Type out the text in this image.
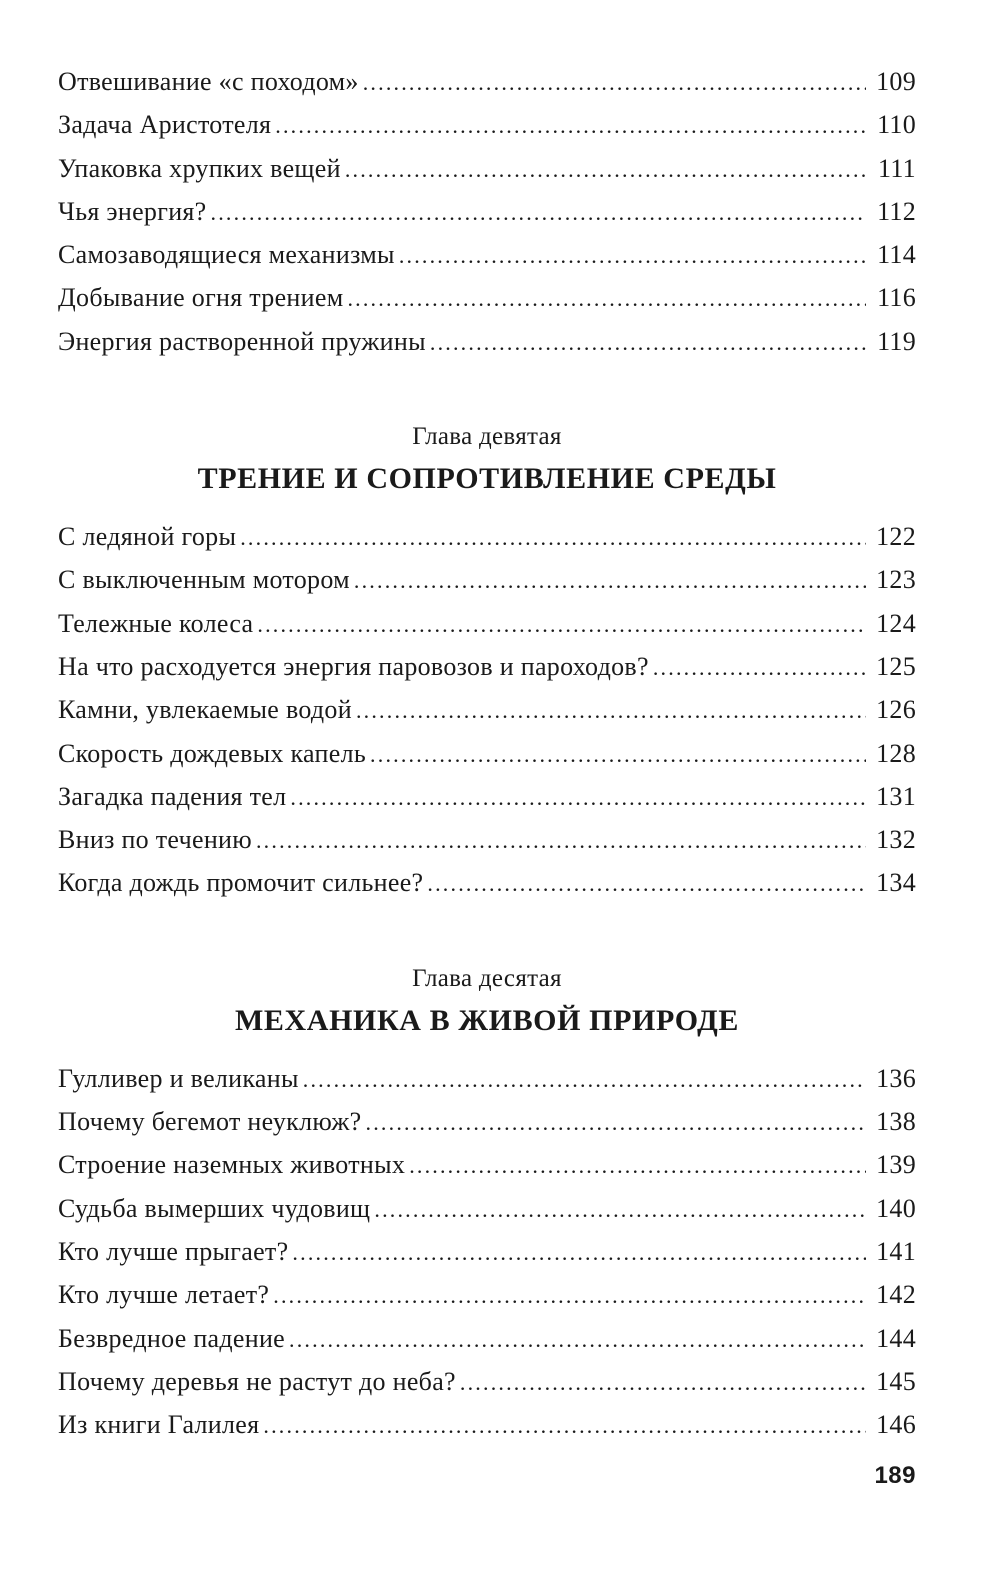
Отвешивание «с походом» .....	109
Задача Аристотеля .....	110
Упаковка хрупких вещей .....	111
Чья энергия? .....	112
Самозаводящиеся механизмы .....	114
Добывание огня трением .....	116
Энергия растворенной пружины .....	119
Глава девятая
ТРЕНИЕ И СОПРОТИВЛЕНИЕ СРЕДЫ
С ледяной горы .....	122
С выключенным мотором .....	123
Тележные колеса .....	124
На что расходуется энергия паровозов и пароходов? .....	125
Камни, увлекаемые водой .....	126
Скорость дождевых капель .....	128
Загадка падения тел .....	131
Вниз по течению .....	132
Когда дождь промочит сильнее? .....	134
Глава десятая
МЕХАНИКА В ЖИВОЙ ПРИРОДЕ
Гулливер и великаны .....	136
Почему бегемот неуклюж? .....	138
Строение наземных животных .....	139
Судьба вымерших чудовищ .....	140
Кто лучше прыгает? .....	141
Кто лучше летает? .....	142
Безвредное падение .....	144
Почему деревья не растут до неба? .....	145
Из книги Галилея .....	146
189
